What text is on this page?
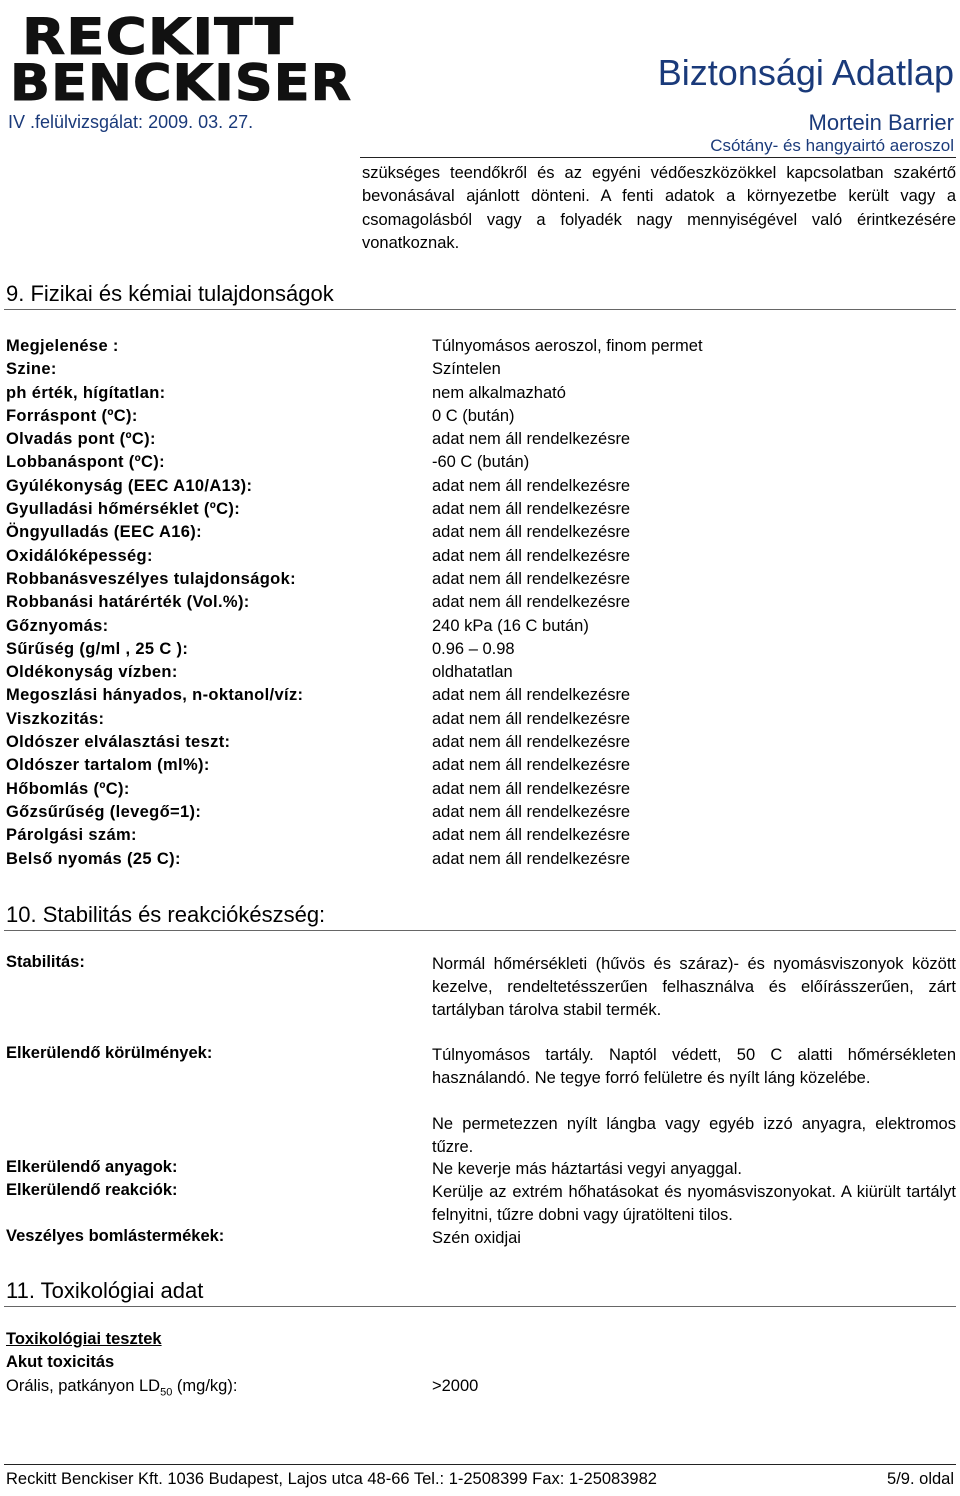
RECKITT
BENCKISER
IV .felülvizsgálat: 2009. 03. 27.
Biztonsági Adatlap
Mortein Barrier
Csótány- és hangyairtó aeroszol
szükséges teendőkről és az egyéni védőeszközökkel kapcsolatban szakértő bevonásával ajánlott dönteni. A fenti adatok a környezetbe került vagy a csomagolásból vagy a folyadék nagy mennyiségével való érintkezésére vonatkoznak.
9. Fizikai és kémiai tulajdonságok
Megjelenése :	Túlnyomásos aeroszol, finom permet
Szine:	Színtelen
ph érték, hígítatlan:	nem alkalmazható
Forráspont (ºC):	0 C (bután)
Olvadás pont (ºC):	adat nem áll rendelkezésre
Lobbanáspont (ºC):	-60 C (bután)
Gyúlékonyság (EEC A10/A13):	adat nem áll rendelkezésre
Gyulladási hőmérséklet (ºC):	adat nem áll rendelkezésre
Öngyulladás (EEC A16):	adat nem áll rendelkezésre
Oxidálóképesség:	adat nem áll rendelkezésre
Robbanásveszélyes tulajdonságok:	adat nem áll rendelkezésre
Robbanási határérték (Vol.%):	adat nem áll rendelkezésre
Gőznyomás:	240 kPa (16 C bután)
Sűrűség (g/ml , 25 C ):	0.96 – 0.98
Oldékonyság vízben:	oldhatatlan
Megoszlási hányados, n-oktanol/víz:	adat nem áll rendelkezésre
Viszkozitás:	adat nem áll rendelkezésre
Oldószer elválasztási teszt:	adat nem áll rendelkezésre
Oldószer tartalom (ml%):	adat nem áll rendelkezésre
Hőbomlás (ºC):	adat nem áll rendelkezésre
Gőzsűrűség (levegő=1):	adat nem áll rendelkezésre
Párolgási szám:	adat nem áll rendelkezésre
Belső nyomás (25 C):	adat nem áll rendelkezésre
10. Stabilitás és reakciókészség:
Stabilitás:	Normál hőmérsékleti (hűvös és száraz)- és nyomásviszonyok között kezelve, rendeltetésszerűen felhasználva és előírásszerűen, zárt tartályban tárolva stabil termék.
Elkerülendő körülmények:	Túlnyomásos tartály. Naptól védett, 50 C alatti hőmérsékleten használandó. Ne tegye forró felületre és nyílt láng közelébe.
Ne permetezzen nyílt lángba vagy egyéb izzó anyagra, elektromos tűzre.
Elkerülendő anyagok:	Ne keverje más háztartási vegyi anyaggal.
Elkerülendő reakciók:	Kerülje az extrém hőhatásokat és nyomásviszonyokat. A kiürült tartályt felnyitni, tűzre dobni vagy újratölteni tilos.
Veszélyes bomlástermékek:	Szén oxidjai
11. Toxikológiai adat
Toxikológiai tesztek
Akut toxicitás
Orális, patkányon $LD_{50}$ (mg/kg):	>2000
Reckitt Benckiser Kft. 1036 Budapest, Lajos utca 48-66 Tel.: 1-2508399 Fax: 1-25083982	5/9. oldal
